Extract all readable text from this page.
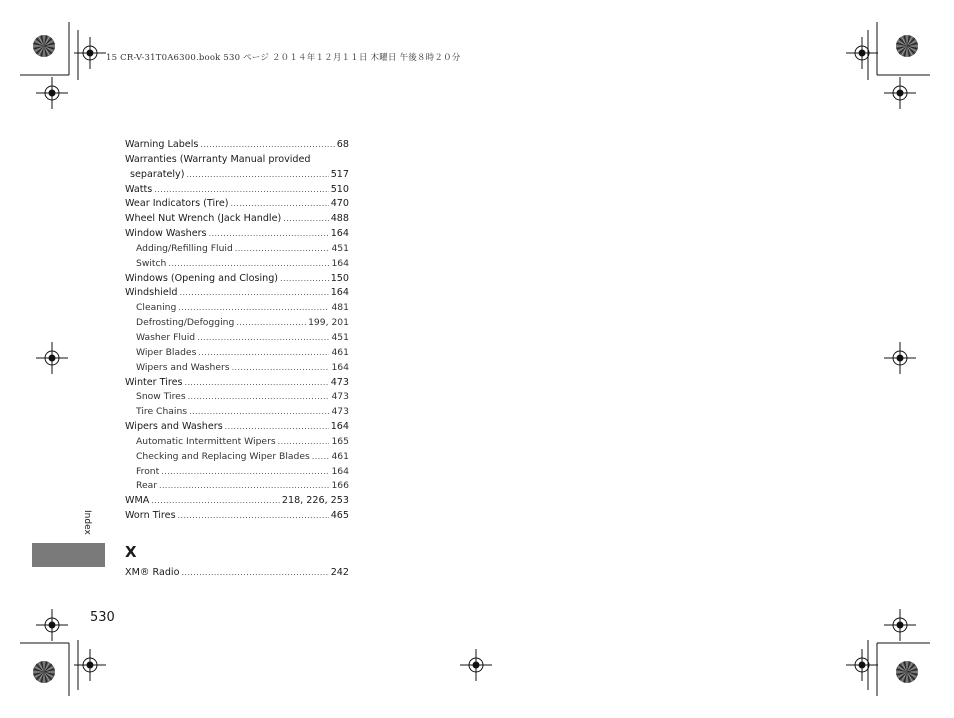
15 CR-V-31T0A6300.book 530 ページ ２０１４年１２月１１日 木曜日 午後８時２０分
Warning Labels .....	68
Warranties (Warranty Manual provided
separately) .....	517
Watts .....	510
Wear Indicators (Tire) .....	470
Wheel Nut Wrench (Jack Handle) .....	488
Window Washers .....	164
Adding/Refilling Fluid .....	451
Switch .....	164
Windows (Opening and Closing) .....	150
Windshield .....	164
Cleaning .....	481
Defrosting/Defogging .....	199, 201
Washer Fluid .....	451
Wiper Blades .....	461
Wipers and Washers .....	164
Winter Tires .....	473
Snow Tires .....	473
Tire Chains .....	473
Wipers and Washers .....	164
Automatic Intermittent Wipers .....	165
Checking and Replacing Wiper Blades ..... 461
Front .....	164
Rear .....	166
WMA .....	218, 226, 253
Worn Tires .....	465
X
XM® Radio .....	242
Index
530
